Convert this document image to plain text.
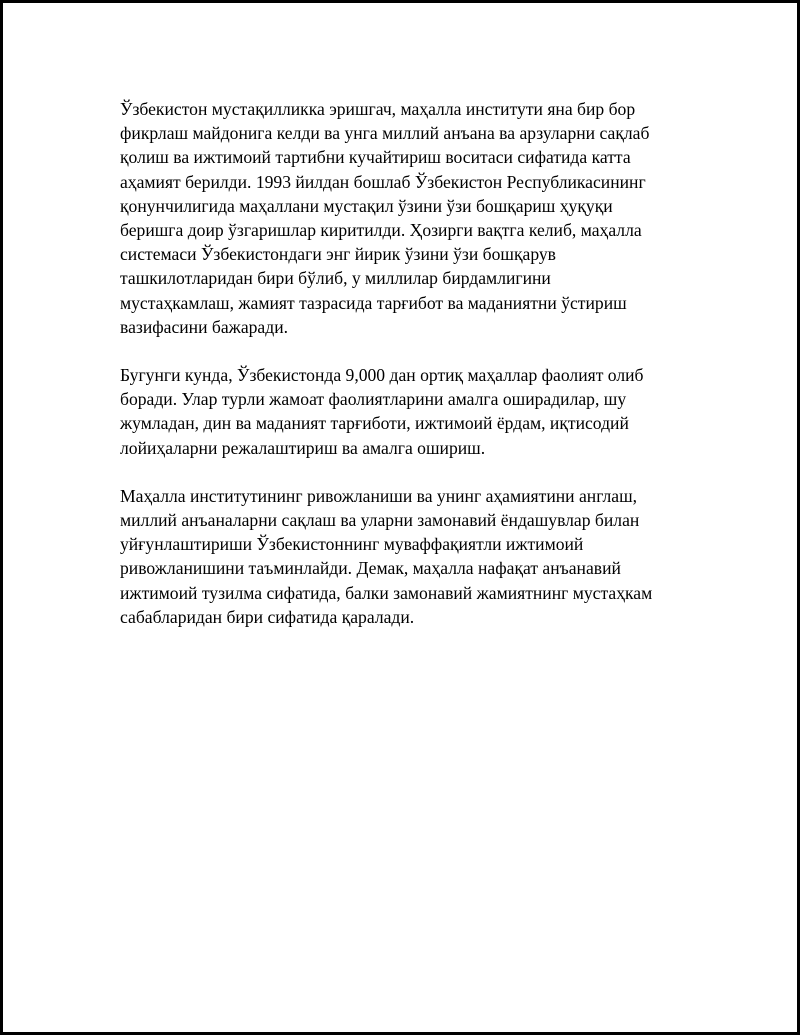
Ўзбекистон мустақилликка эришгач, маҳалла институти яна бир бор
фикрлаш майдонига келди ва унга миллий анъана ва арзуларни сақлаб
қолиш ва ижтимоий тартибни кучайтириш воситаси сифатида катта
аҳамият берилди. 1993 йилдан бошлаб Ўзбекистон Республикасининг
қонунчилигида маҳаллани мустақил ўзини ўзи бошқариш ҳуқуқи
беришга доир ўзгаришлар киритилди. Ҳозирги вақтга келиб, маҳалла
системаси Ўзбекистондаги энг йирик ўзини ўзи бошқарув
ташкилотларидан бири бўлиб, у миллилар бирдамлигини
мустаҳкамлаш, жамият тазрасида тарғибот ва маданиятни ўстириш
вазифасини бажаради.

Бугунги кунда, Ўзбекистонда 9,000 дан ортиқ маҳаллар фаолият олиб
боради. Улар турли жамоат фаолиятларини амалга оширадилар, шу
жумладан, дин ва маданият тарғиботи, ижтимоий ёрдам, иқтисодий
лойиҳаларни режалаштириш ва амалга ошириш.

Маҳалла институтининг ривожланиши ва унинг аҳамиятини англаш,
миллий анъаналарни сақлаш ва уларни замонавий ёндашувлар билан
уйғунлаштириши Ўзбекистоннинг муваффақиятли ижтимоий
ривожланишини таъминлайди. Демак, маҳалла нафақат анъанавий
ижтимоий тузилма сифатида, балки замонавий жамиятнинг мустаҳкам
сабабларидан бири сифатида қаралади.
